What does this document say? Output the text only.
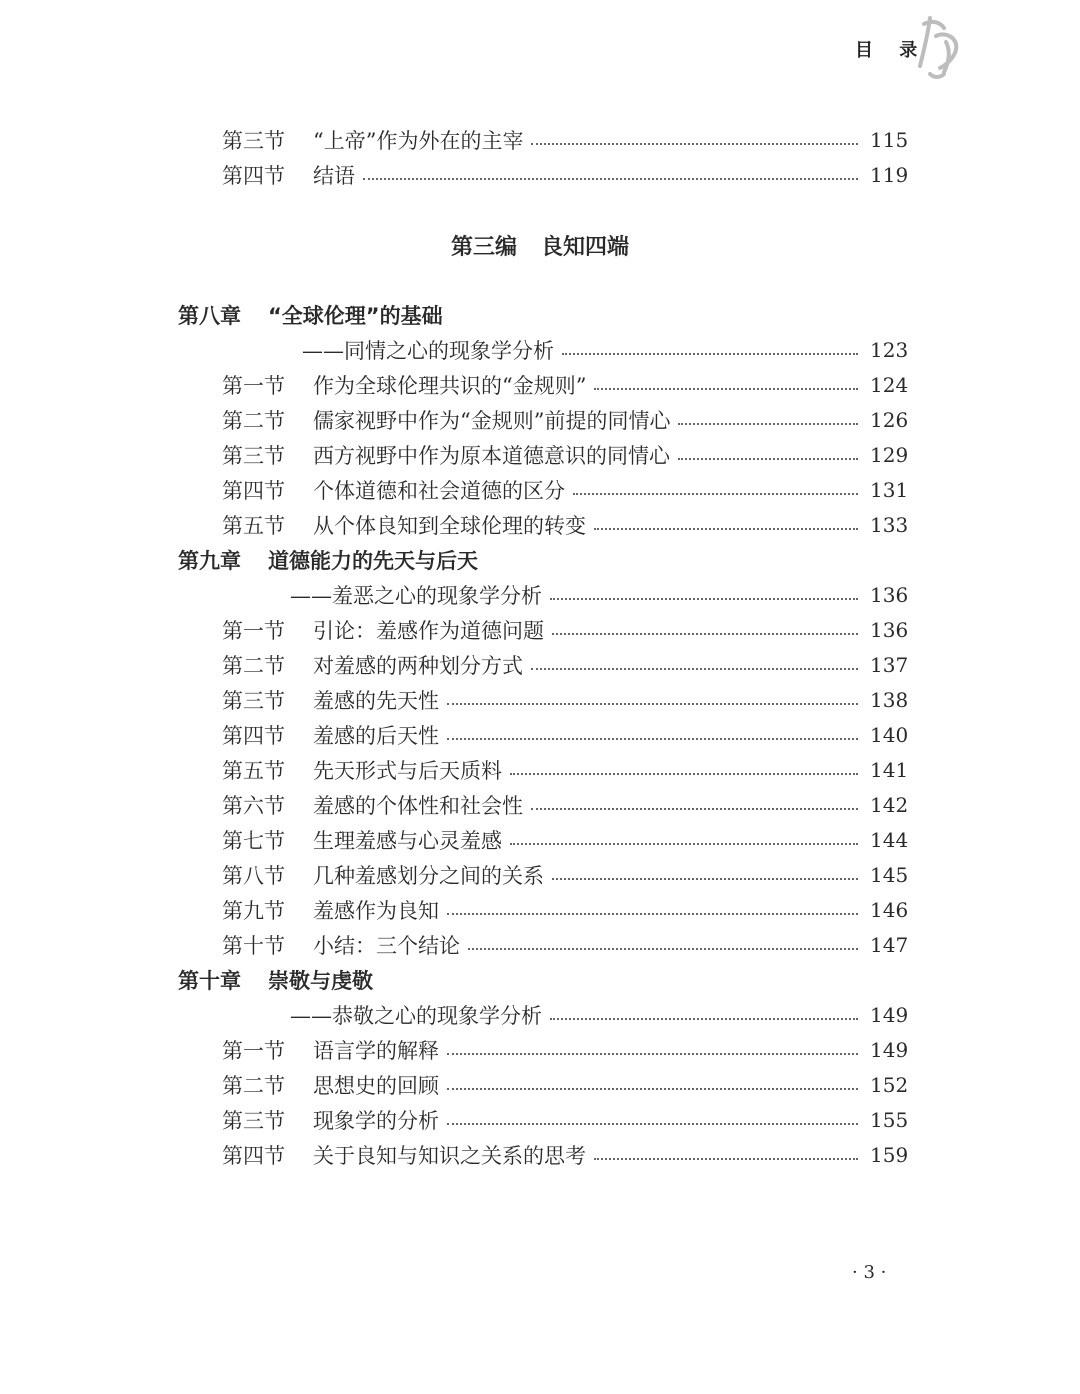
目 录
第三节 “上帝”作为外在的主宰	115
第四节 结语	119
第八章	“全球伦理”的基础
——同情之心的现象学分析	123
第一节 作为全球伦理共识的“金规则”	124
第二节 儒家视野中作为“金规则”前提的同情心	126
第三节 西方视野中作为原本道德意识的同情心	129
第四节 个体道德和社会道德的区分	131
第五节 从个体良知到全球伦理的转变	133
第九章	道德能力的先天与后天
——羞恶之心的现象学分析	136
第一节 引论：羞感作为道德问题	136
第二节 对羞感的两种划分方式	137
第三节 羞感的先天性	138
第四节 羞感的后天性	140
第五节 先天形式与后天质料	141
第六节 羞感的个体性和社会性	142
第七节 生理羞感与心灵羞感	144
第八节 几种羞感划分之间的关系	145
第九节 羞感作为良知	146
第十节 小结：三个结论	147
第十章	崇敬与虔敬
——恭敬之心的现象学分析	149
第一节 语言学的解释	149
第二节 思想史的回顾	152
第三节 现象学的分析	155
第四节 关于良知与知识之关系的思考	159
第三编 良知四端
· 3 ·
